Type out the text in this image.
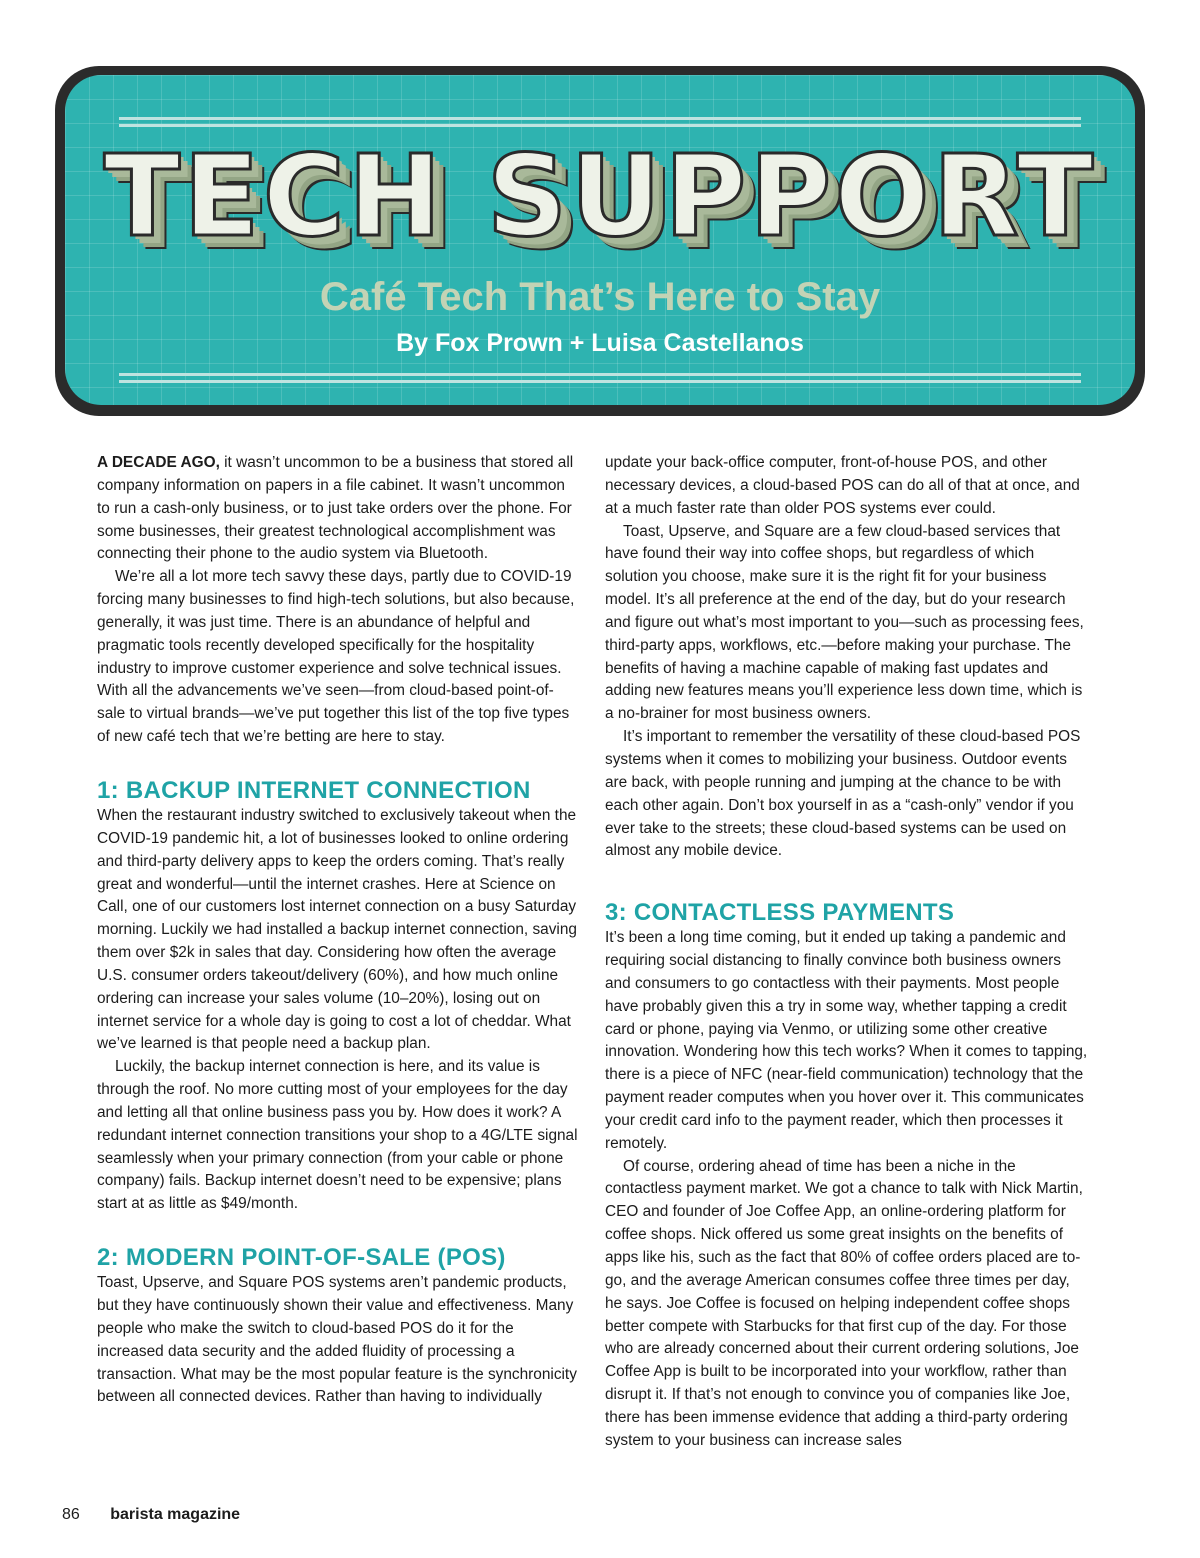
TECH SUPPORT
Café Tech That’s Here to Stay
By Fox Prown + Luisa Castellanos

A DECADE AGO, it wasn’t uncommon to be a business that stored all company information on papers in a file cabinet. It wasn’t uncommon to run a cash-only business, or to just take orders over the phone. For some businesses, their greatest technological accomplishment was connecting their phone to the audio system via Bluetooth.

We’re all a lot more tech savvy these days, partly due to COVID-19 forcing many businesses to find high-tech solutions, but also because, generally, it was just time. There is an abundance of helpful and pragmatic tools recently developed specifically for the hospitality industry to improve customer experience and solve technical issues. With all the advancements we’ve seen—from cloud-based point-of-sale to virtual brands—we’ve put together this list of the top five types of new café tech that we’re betting are here to stay.

1: BACKUP INTERNET CONNECTION

When the restaurant industry switched to exclusively takeout when the COVID-19 pandemic hit, a lot of businesses looked to online ordering and third-party delivery apps to keep the orders coming. That’s really great and wonderful—until the internet crashes. Here at Science on Call, one of our customers lost internet connection on a busy Saturday morning. Luckily we had installed a backup internet connection, saving them over $2k in sales that day. Considering how often the average U.S. consumer orders takeout/delivery (60%), and how much online ordering can increase your sales volume (10–20%), losing out on internet service for a whole day is going to cost a lot of cheddar. What we’ve learned is that people need a backup plan.

Luckily, the backup internet connection is here, and its value is through the roof. No more cutting most of your employees for the day and letting all that online business pass you by. How does it work? A redundant internet connection transitions your shop to a 4G/LTE signal seamlessly when your primary connection (from your cable or phone company) fails. Backup internet doesn’t need to be expensive; plans start at as little as $49/month.

2: MODERN POINT-OF-SALE (POS)

Toast, Upserve, and Square POS systems aren’t pandemic products, but they have continuously shown their value and effectiveness. Many people who make the switch to cloud-based POS do it for the increased data security and the added fluidity of processing a transaction. What may be the most popular feature is the synchronicity between all connected devices. Rather than having to individually

update your back-office computer, front-of-house POS, and other necessary devices, a cloud-based POS can do all of that at once, and at a much faster rate than older POS systems ever could.

Toast, Upserve, and Square are a few cloud-based services that have found their way into coffee shops, but regardless of which solution you choose, make sure it is the right fit for your business model. It’s all preference at the end of the day, but do your research and figure out what’s most important to you—such as processing fees, third-party apps, workflows, etc.—before making your purchase. The benefits of having a machine capable of making fast updates and adding new features means you’ll experience less down time, which is a no-brainer for most business owners.

It’s important to remember the versatility of these cloud-based POS systems when it comes to mobilizing your business. Outdoor events are back, with people running and jumping at the chance to be with each other again. Don’t box yourself in as a “cash-only” vendor if you ever take to the streets; these cloud-based systems can be used on almost any mobile device.

3: CONTACTLESS PAYMENTS

It’s been a long time coming, but it ended up taking a pandemic and requiring social distancing to finally convince both business owners and consumers to go contactless with their payments. Most people have probably given this a try in some way, whether tapping a credit card or phone, paying via Venmo, or utilizing some other creative innovation. Wondering how this tech works? When it comes to tapping, there is a piece of NFC (near-field communication) technology that the payment reader computes when you hover over it. This communicates your credit card info to the payment reader, which then processes it remotely.

Of course, ordering ahead of time has been a niche in the contactless payment market. We got a chance to talk with Nick Martin, CEO and founder of Joe Coffee App, an online-ordering platform for coffee shops. Nick offered us some great insights on the benefits of apps like his, such as the fact that 80% of coffee orders placed are to-go, and the average American consumes coffee three times per day, he says. Joe Coffee is focused on helping independent coffee shops better compete with Starbucks for that first cup of the day. For those who are already concerned about their current ordering solutions, Joe Coffee App is built to be incorporated into your workflow, rather than disrupt it. If that’s not enough to convince you of companies like Joe, there has been immense evidence that adding a third-party ordering system to your business can increase sales

86 barista magazine
